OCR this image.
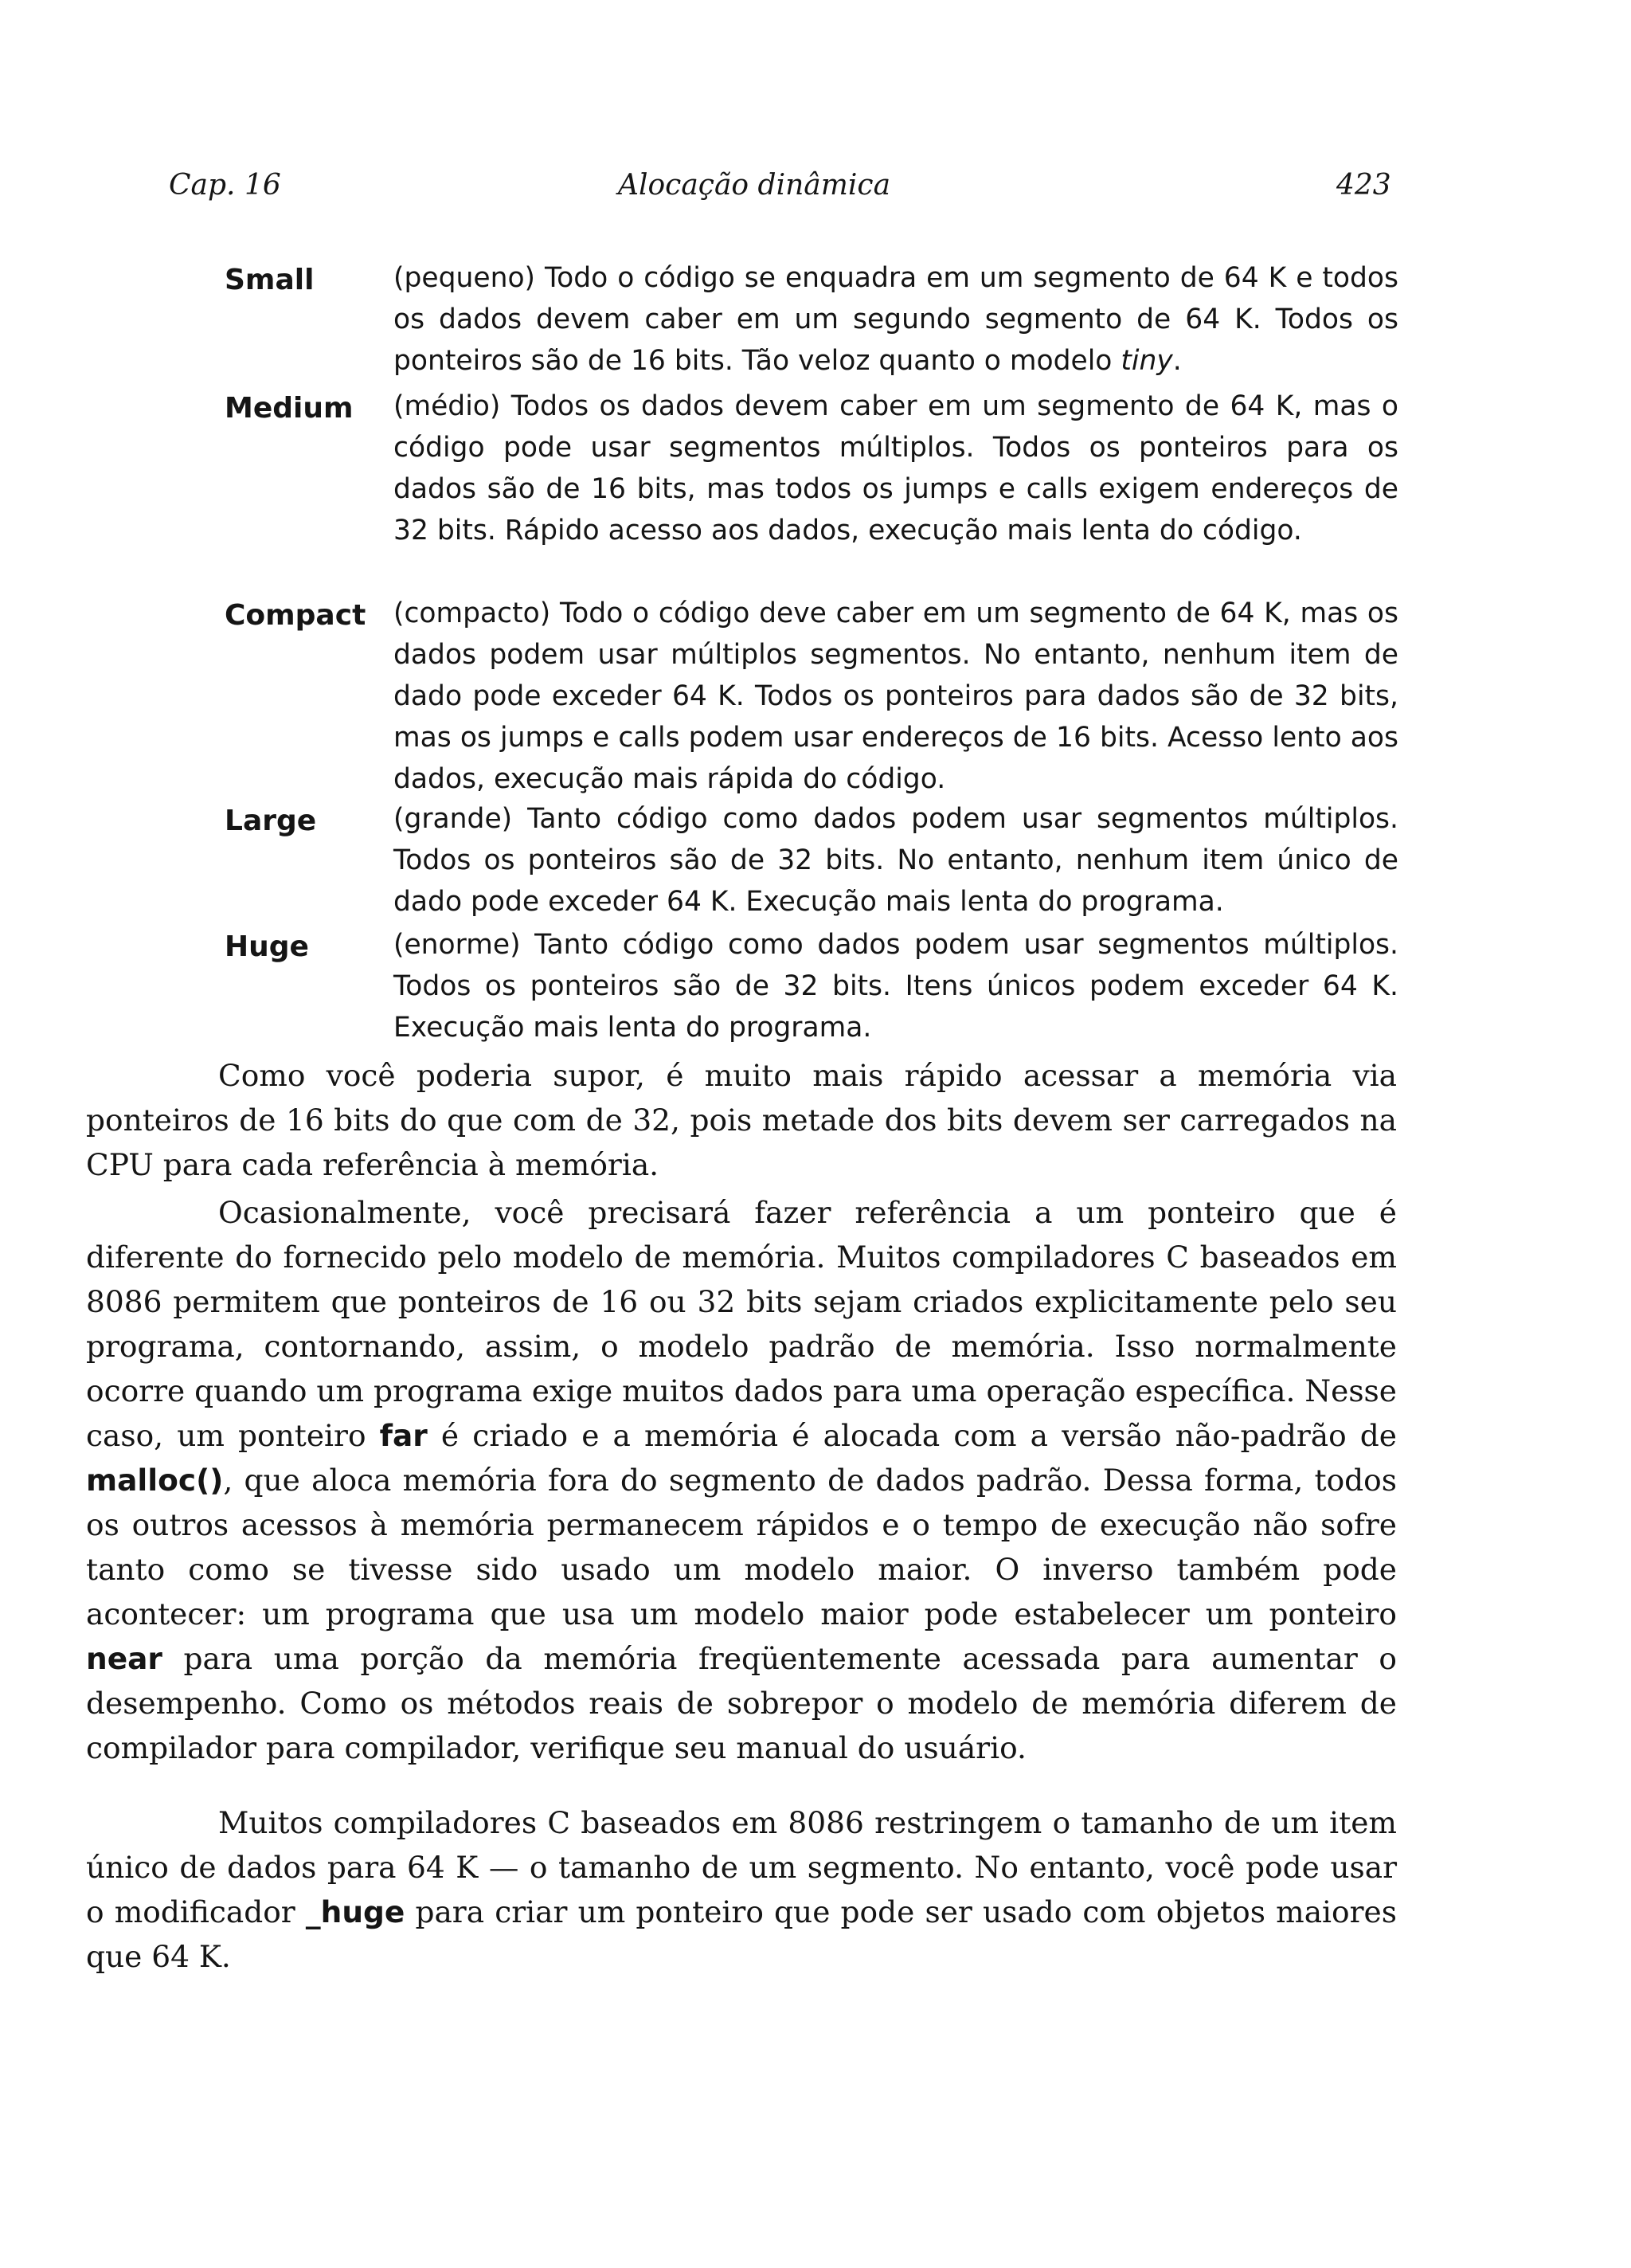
Cap. 16	Alocação dinâmica	423
Small	(pequeno) Todo o código se enquadra em um segmento de 64 K e todos os dados devem caber em um segundo segmento de 64 K. Todos os ponteiros são de 16 bits. Tão veloz quanto o modelo tiny.
Medium (médio) Todos os dados devem caber em um segmento de 64 K, mas o código pode usar segmentos múltiplos. Todos os ponteiros para os dados são de 16 bits, mas todos os jumps e calls exigem endereços de 32 bits. Rápido acesso aos dados, execução mais lenta do código.
Compact (compacto) Todo o código deve caber em um segmento de 64 K, mas os dados podem usar múltiplos segmentos. No entanto, nenhum item de dado pode exceder 64 K. Todos os ponteiros para dados são de 32 bits, mas os jumps e calls podem usar endereços de 16 bits. Acesso lento aos dados, execução mais rápida do código.
Large	(grande) Tanto código como dados podem usar segmentos múltiplos. Todos os ponteiros são de 32 bits. No entanto, nenhum item único de dado pode exceder 64 K. Execução mais lenta do programa.
Huge	(enorme) Tanto código como dados podem usar segmentos múltiplos. Todos os ponteiros são de 32 bits. Itens únicos podem exceder 64 K. Execução mais lenta do programa.

Como você poderia supor, é muito mais rápido acessar a memória via ponteiros de 16 bits do que com de 32, pois metade dos bits devem ser carregados na CPU para cada referência à memória.

Ocasionalmente, você precisará fazer referência a um ponteiro que é diferente do fornecido pelo modelo de memória. Muitos compiladores C baseados em 8086 permitem que ponteiros de 16 ou 32 bits sejam criados explicitamente pelo seu programa, contornando, assim, o modelo padrão de memória. Isso normalmente ocorre quando um programa exige muitos dados para uma operação específica. Nesse caso, um ponteiro far é criado e a memória é alocada com a versão não-padrão de malloc(), que aloca memória fora do segmento de dados padrão. Dessa forma, todos os outros acessos à memória permanecem rápidos e o tempo de execução não sofre tanto como se tivesse sido usado um modelo maior. O inverso também pode acontecer: um programa que usa um modelo maior pode estabelecer um ponteiro near para uma porção da memória freqüentemente acessada para aumentar o desempenho. Como os métodos reais de sobrepor o modelo de memória diferem de compilador para compilador, verifique seu manual do usuário.

Muitos compiladores C baseados em 8086 restringem o tamanho de um item único de dados para 64 K — o tamanho de um segmento. No entanto, você pode usar o modificador _huge para criar um ponteiro que pode ser usado com objetos maiores que 64 K.
